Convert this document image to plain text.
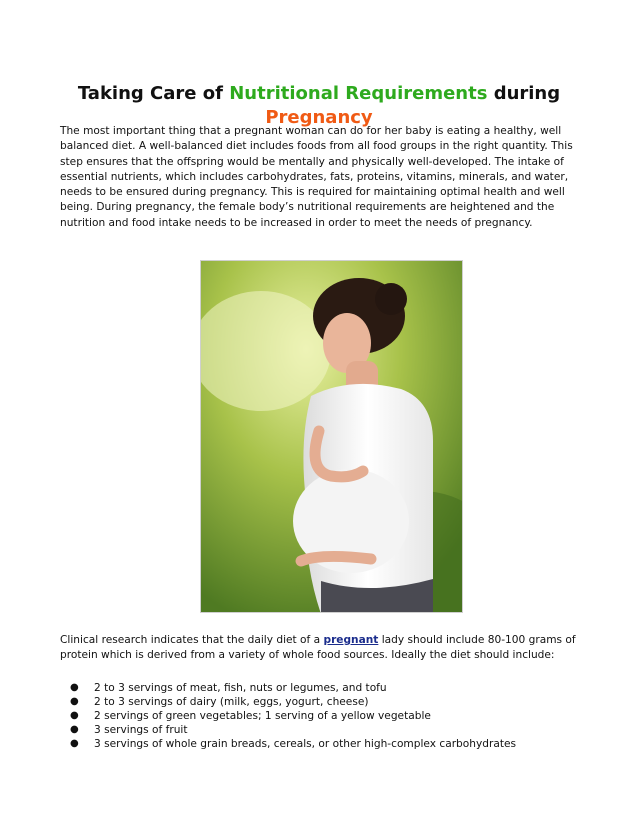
Taking Care of Nutritional Requirements during
Pregnancy

The most important thing that a pregnant woman can do for her baby is eating a healthy, well balanced diet. A well-balanced diet includes foods from all food groups in the right quantity. This step ensures that the offspring would be mentally and physically well-developed. The intake of essential nutrients, which includes carbohydrates, fats, proteins, vitamins, minerals, and water, needs to be ensured during pregnancy. This is required for maintaining optimal health and well being. During pregnancy, the female body’s nutritional requirements are heightened and the nutrition and food intake needs to be increased in order to meet the needs of pregnancy.

Clinical research indicates that the daily diet of a pregnant lady should include 80-100 grams of protein which is derived from a variety of whole food sources. Ideally the diet should include:

● 2 to 3 servings of meat, fish, nuts or legumes, and tofu
● 2 to 3 servings of dairy (milk, eggs, yogurt, cheese)
● 2 servings of green vegetables; 1 serving of a yellow vegetable
● 3 servings of fruit
● 3 servings of whole grain breads, cereals, or other high-complex carbohydrates
